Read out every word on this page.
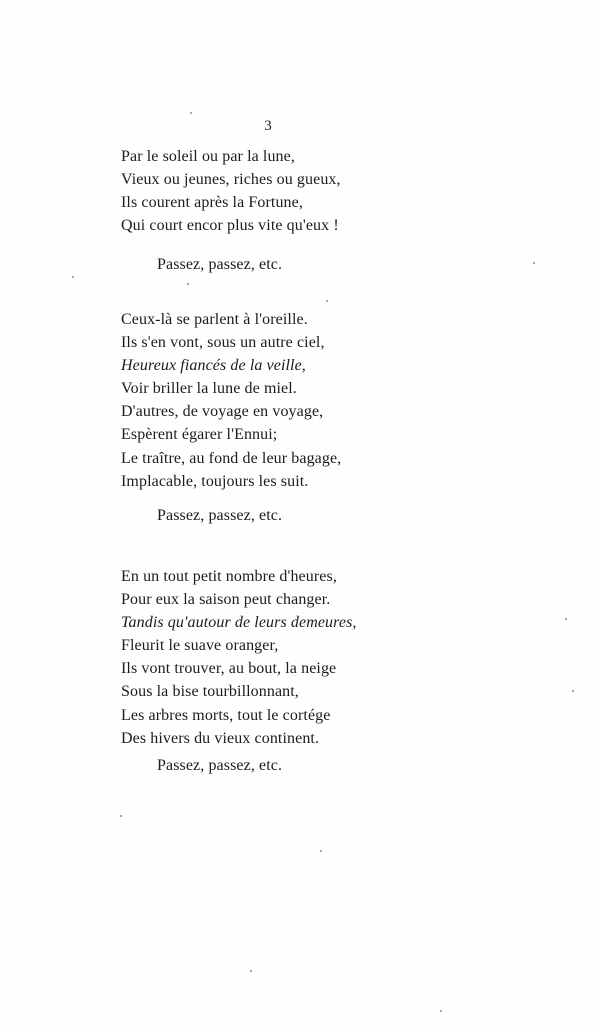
3
Par le soleil ou par la lune,
Vieux ou jeunes, riches ou gueux,
Ils courent après la Fortune,
Qui court encor plus vite qu'eux !
Passez, passez, etc.
Ceux-là se parlent à l'oreille.
Ils s'en vont, sous un autre ciel,
Heureux fiancés de la veille,
Voir briller la lune de miel.
D'autres, de voyage en voyage,
Espèrent égarer l'Ennui;
Le traître, au fond de leur bagage,
Implacable, toujours les suit.
Passez, passez, etc.
En un tout petit nombre d'heures,
Pour eux la saison peut changer.
Tandis qu'autour de leurs demeures,
Fleurit le suave oranger,
Ils vont trouver, au bout, la neige
Sous la bise tourbillonnant,
Les arbres morts, tout le cortége
Des hivers du vieux continent.
Passez, passez, etc.
